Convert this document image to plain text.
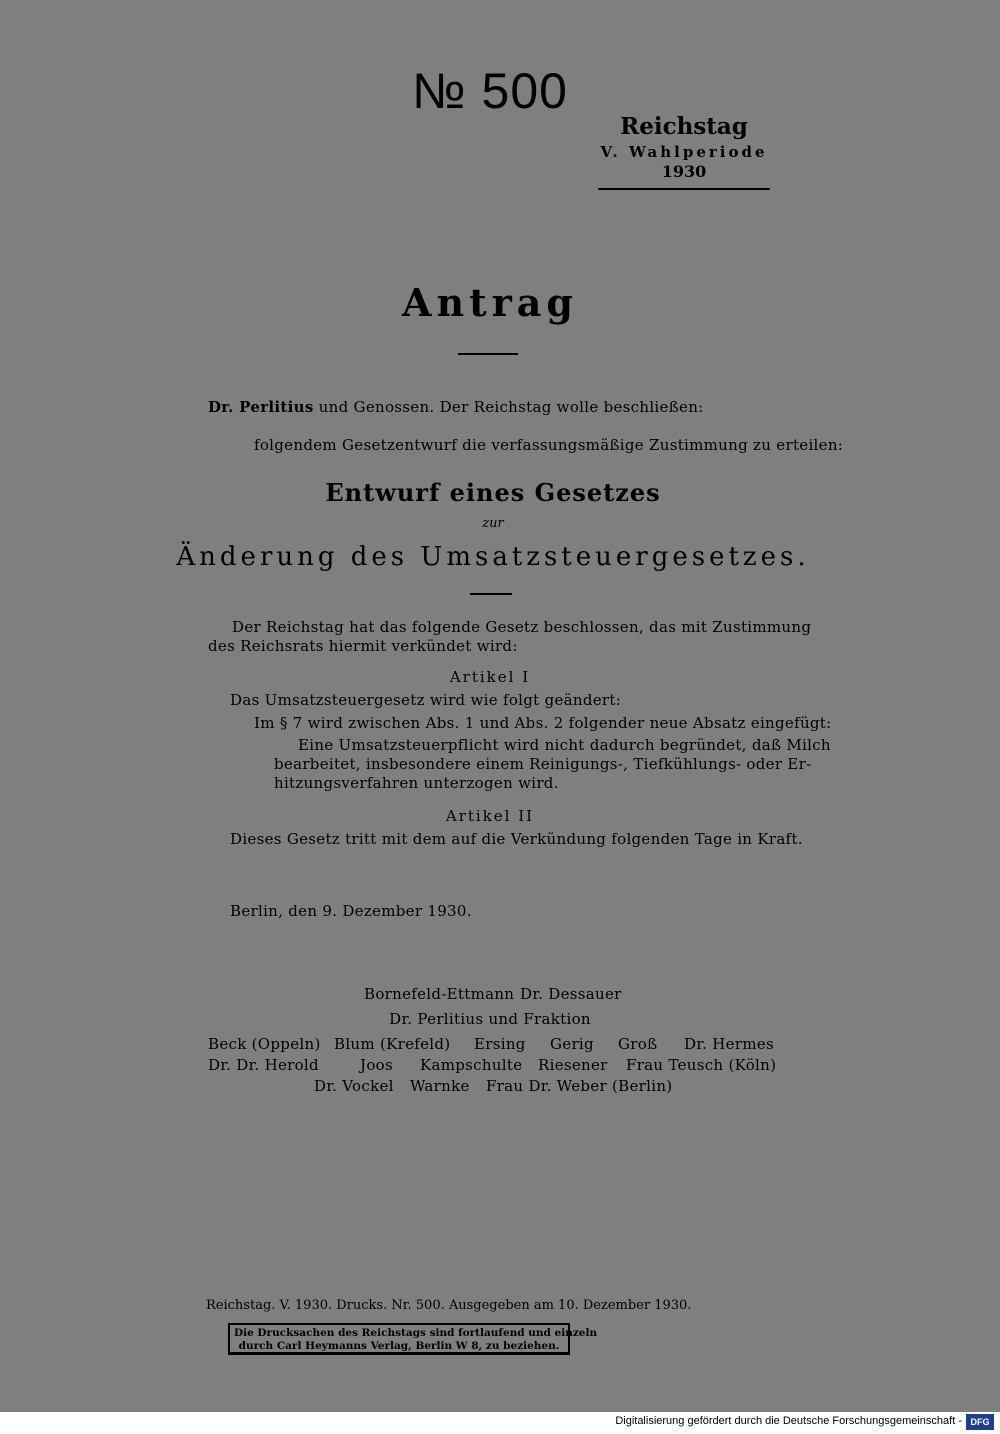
№ 500
Reichstag
V. Wahlperiode
1930
Antrag
Dr. Perlitius und Genossen. Der Reichstag wolle beschließen:
folgendem Gesetzentwurf die verfassungsmäßige Zustimmung zu erteilen:
Entwurf eines Gesetzes
zur
Änderung des Umsatzsteuergesetzes.
Der Reichstag hat das folgende Gesetz beschlossen, das mit Zustimmung
des Reichsrats hiermit verkündet wird:
Artikel I
Das Umsatzsteuergesetz wird wie folgt geändert:
Im § 7 wird zwischen Abs. 1 und Abs. 2 folgender neue Absatz eingefügt:
Eine Umsatzsteuerpflicht wird nicht dadurch begründet, daß Milch
bearbeitet, insbesondere einem Reinigungs-, Tiefkühlungs- oder Er-
hitzungsverfahren unterzogen wird.
Artikel II
Dieses Gesetz tritt mit dem auf die Verkündung folgenden Tage in Kraft.
Berlin, den 9. Dezember 1930.
Bornefeld-Ettmann Dr. Dessauer
Dr. Perlitius und Fraktion
Beck (Oppeln) Blum (Krefeld) Ersing Gerig Groß Dr. Hermes
Dr. Dr. Herold	Joos Kampschulte Riesener Frau Teusch (Köln)
Dr. Vockel Warnke Frau Dr. Weber (Berlin)
Reichstag. V. 1930. Drucks. Nr. 500. Ausgegeben am 10. Dezember 1930.
Die Drucksachen des Reichstags sind fortlaufend und einzeln
durch Carl Heymanns Verlag, Berlin W 8, zu beziehen.
Digitalisierung gefördert durch die Deutsche Forschungsgemeinschaft - DFG
